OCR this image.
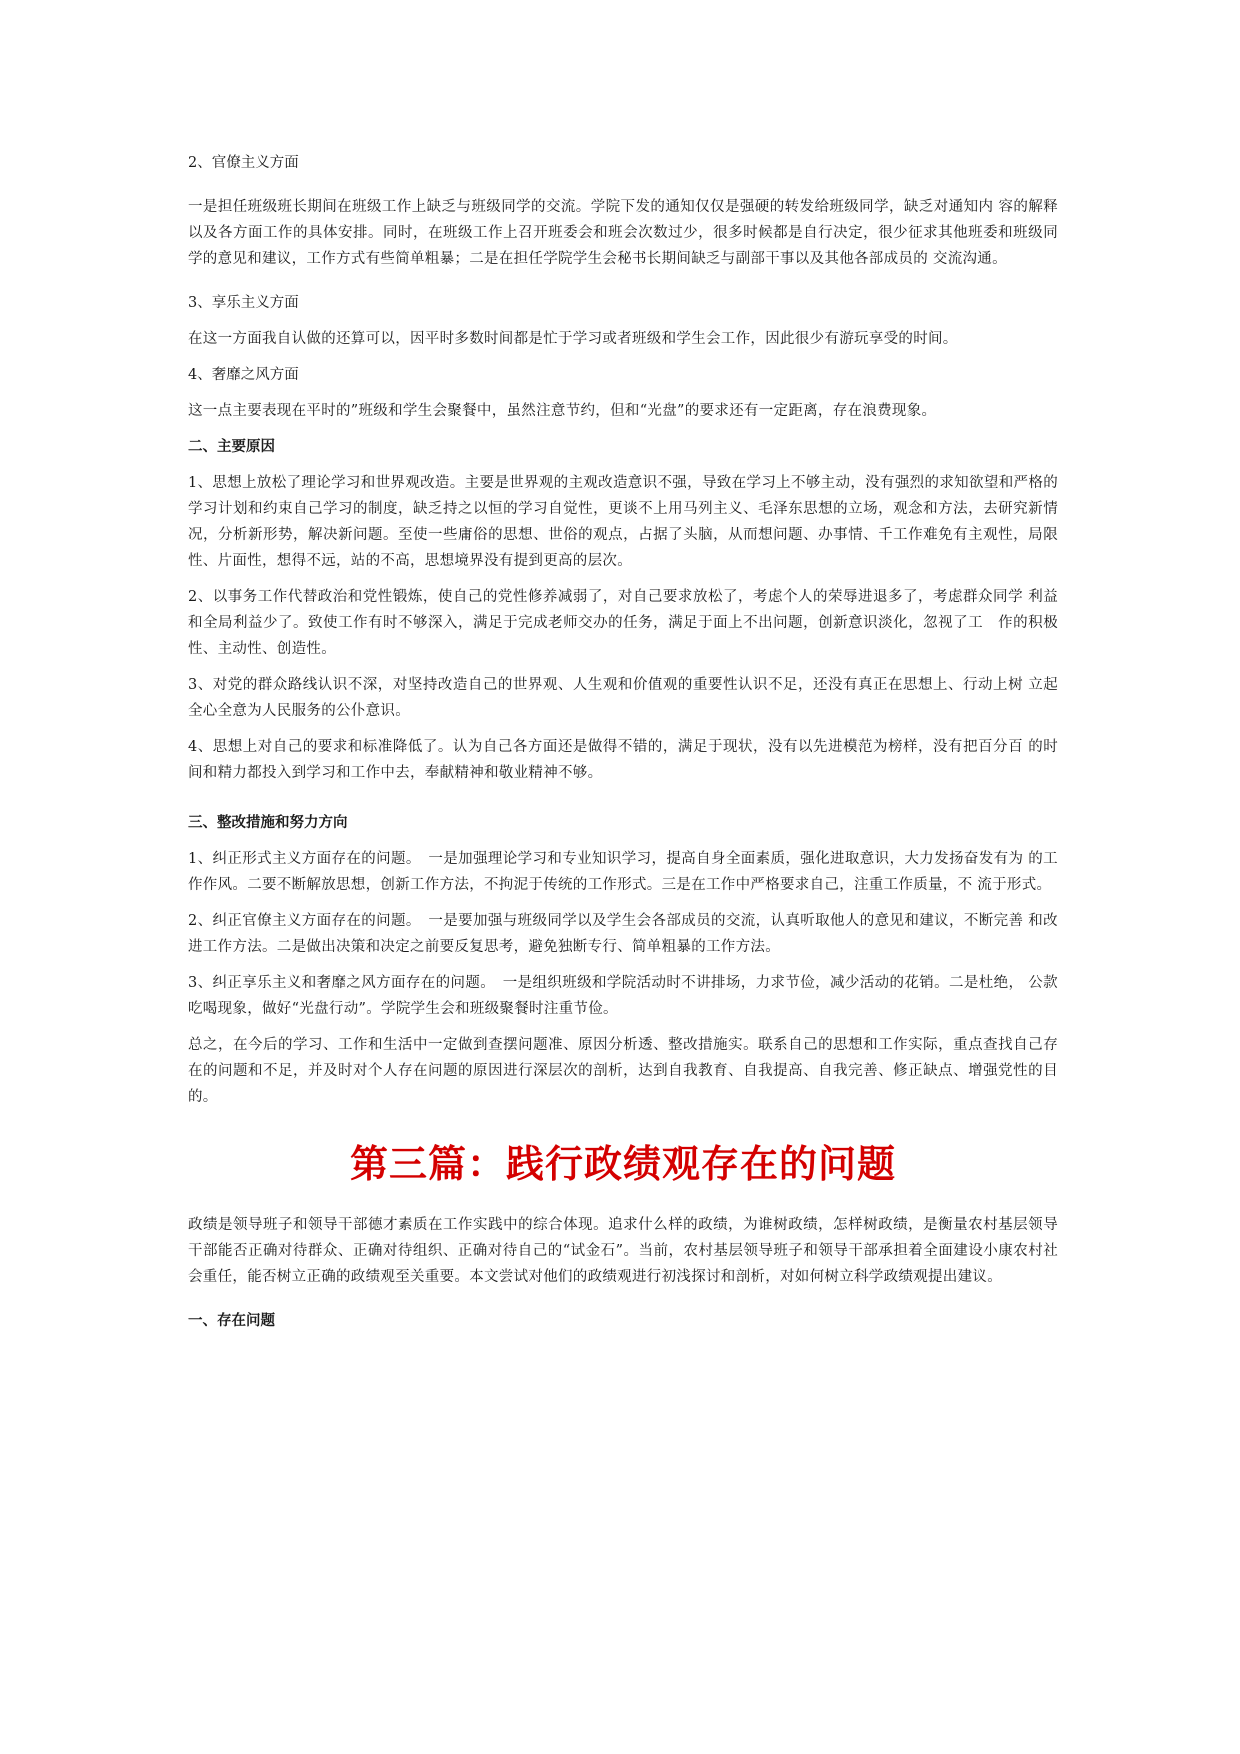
2、官僚主义方面

一是担任班级班长期间在班级工作上缺乏与班级同学的交流。学院下发的通知仅仅是强硬的转发给班级同学，缺乏对通知内 容的解释以及各方面工作的具体安排。同时，在班级工作上召开班委会和班会次数过少，很多时候都是自行决定，很少征求其他班委和班级同学的意见和建议，工作方式有些简单粗暴；二是在担任学院学生会秘书长期间缺乏与副部干事以及其他各部成员的 交流沟通。

3、享乐主义方面

在这一方面我自认做的还算可以，因平时多数时间都是忙于学习或者班级和学生会工作，因此很少有游玩享受的时间。

4、奢靡之风方面

这一点主要表现在平时的”班级和学生会聚餐中，虽然注意节约，但和“光盘”的要求还有一定距离，存在浪费现象。

二、主要原因

1、思想上放松了理论学习和世界观改造。主要是世界观的主观改造意识不强，导致在学习上不够主动，没有强烈的求知欲望和严格的学习计划和约束自己学习的制度，缺乏持之以恒的学习自觉性，更谈不上用马列主义、毛泽东思想的立场，观念和方法，去研究新情况，分析新形势，解决新问题。至使一些庸俗的思想、世俗的观点，占据了头脑，从而想问题、办事情、千工作难免有主观性，局限性、片面性，想得不远，站的不高，思想境界没有提到更高的层次。

2、以事务工作代替政治和党性锻炼，使自己的党性修养减弱了，对自己要求放松了，考虑个人的荣辱进退多了，考虑群众同学 利益和全局利益少了。致使工作有时不够深入，满足于完成老师交办的任务，满足于面上不出问题，创新意识淡化，忽视了工　作的积极性、主动性、创造性。

3、对党的群众路线认识不深，对坚持改造自己的世界观、人生观和价值观的重要性认识不足，还没有真正在思想上、行动上树 立起全心全意为人民服务的公仆意识。

4、思想上对自己的要求和标准降低了。认为自己各方面还是做得不错的，满足于现状，没有以先进模范为榜样，没有把百分百 的时间和精力都投入到学习和工作中去，奉献精神和敬业精神不够。

三、整改措施和努力方向

1、纠正形式主义方面存在的问题。　一是加强理论学习和专业知识学习，提高自身全面素质，强化进取意识，大力发扬奋发有为 的工作作风。二要不断解放思想，创新工作方法，不拘泥于传统的工作形式。三是在工作中严格要求自己，注重工作质量，不 流于形式。

2、纠正官僚主义方面存在的问题。　一是要加强与班级同学以及学生会各部成员的交流，认真听取他人的意见和建议，不断完善 和改进工作方法。二是做出决策和决定之前要反复思考，避免独断专行、简单粗暴的工作方法。

3、纠正享乐主义和奢靡之风方面存在的问题。　一是组织班级和学院活动时不讲排场，力求节俭，减少活动的花销。二是杜绝， 公款吃喝现象，做好“光盘行动”。学院学生会和班级聚餐时注重节俭。

总之，在今后的学习、工作和生活中一定做到查摆问题准、原因分析透、整改措施实。联系自己的思想和工作实际，重点查找自己存在的问题和不足，并及时对个人存在问题的原因进行深层次的剖析，达到自我教育、自我提高、自我完善、修正缺点、增强党性的目的。

第三篇：践行政绩观存在的问题

政绩是领导班子和领导干部德才素质在工作实践中的综合体现。追求什么样的政绩，为谁树政绩，怎样树政绩，是衡量农村基层领导干部能否正确对待群众、正确对待组织、正确对待自己的“试金石”。当前，农村基层领导班子和领导干部承担着全面建设小康农村社会重任，能否树立正确的政绩观至关重要。本文尝试对他们的政绩观进行初浅探讨和剖析，对如何树立科学政绩观提出建议。

一、存在问题
